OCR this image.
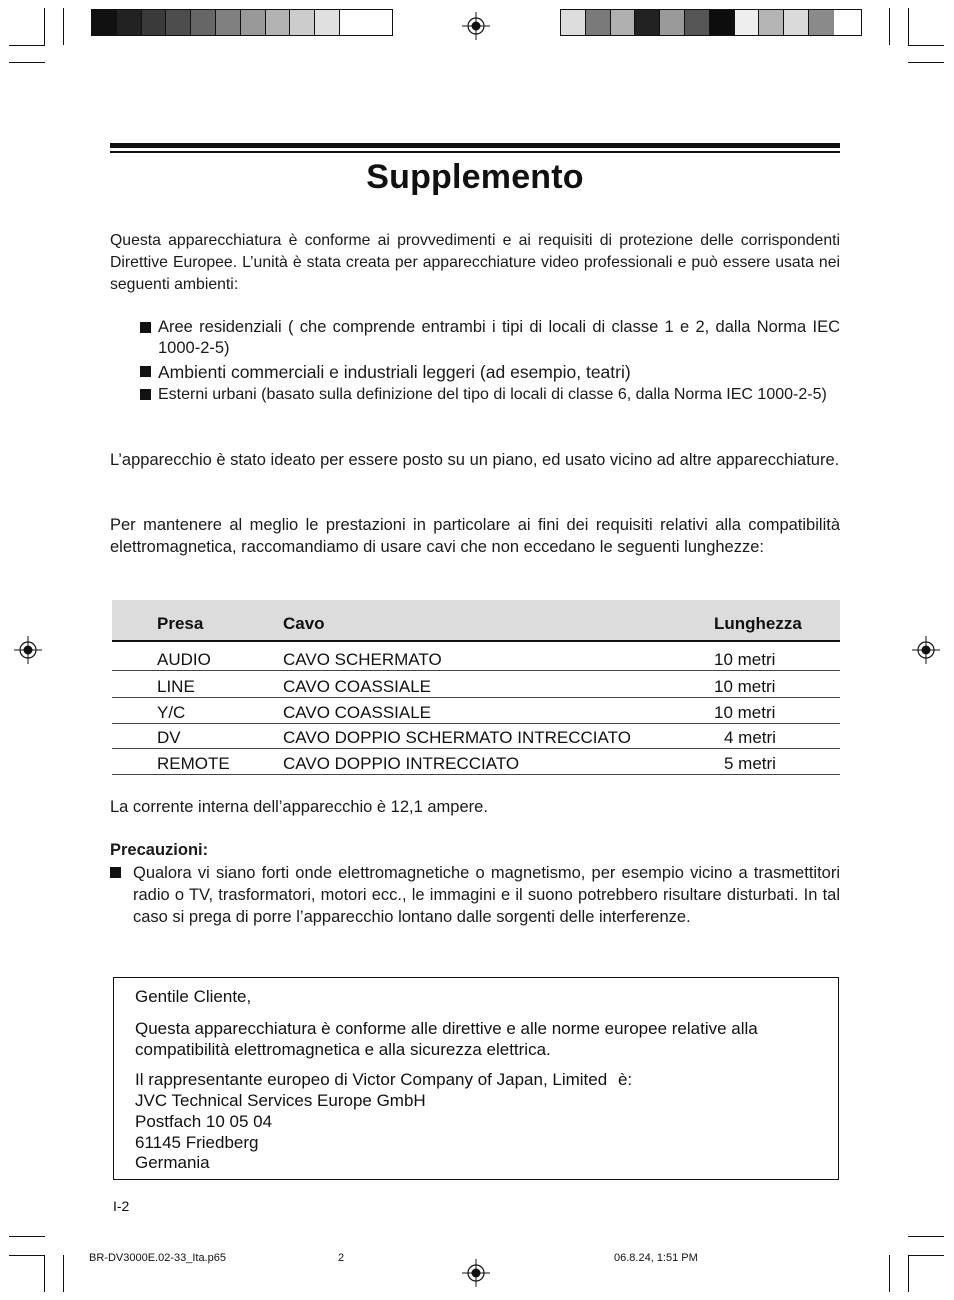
Supplemento
Questa apparecchiatura è conforme ai provvedimenti e ai requisiti di protezione delle corrispondenti Direttive Europee. L’unità è stata creata per apparecchiature video professionali e può essere usata nei seguenti ambienti:
Aree residenziali ( che comprende entrambi i tipi di locali di classe 1 e 2, dalla Norma IEC 1000-2-5)
Ambienti commerciali e industriali leggeri (ad esempio, teatri)
Esterni urbani (basato sulla definizione del tipo di locali di classe 6, dalla Norma IEC 1000-2-5)
L’apparecchio è stato ideato per essere posto su un piano, ed usato vicino ad altre apparecchiature.
Per mantenere al meglio le prestazioni in particolare ai fini dei requisiti relativi alla compatibilità elettromagnetica, raccomandiamo di usare cavi che non eccedano le seguenti lunghezze:
Presa	Cavo	Lunghezza
AUDIO	CAVO SCHERMATO	10 metri
LINE	CAVO COASSIALE	10 metri
Y/C	CAVO COASSIALE	10 metri
DV	CAVO DOPPIO SCHERMATO INTRECCIATO	4 metri
REMOTE	CAVO DOPPIO INTRECCIATO	5 metri
La corrente interna dell’apparecchio è 12,1 ampere.
Precauzioni:
Qualora vi siano forti onde elettromagnetiche o magnetismo, per esempio vicino a trasmettitori radio o TV, trasformatori, motori ecc., le immagini e il suono potrebbero risultare disturbati. In tal caso si prega di porre l’apparecchio lontano dalle sorgenti delle interferenze.
Gentile Cliente,
Questa apparecchiatura è conforme alle direttive e alle norme europee relative alla compatibilità elettromagnetica e alla sicurezza elettrica.
Il rappresentante europeo di Victor Company of Japan, Limited è:
JVC Technical Services Europe GmbH
Postfach 10 05 04
61145 Friedberg
Germania
I-2
BR-DV3000E.02-33_Ita.p65	2	06.8.24, 1:51 PM
